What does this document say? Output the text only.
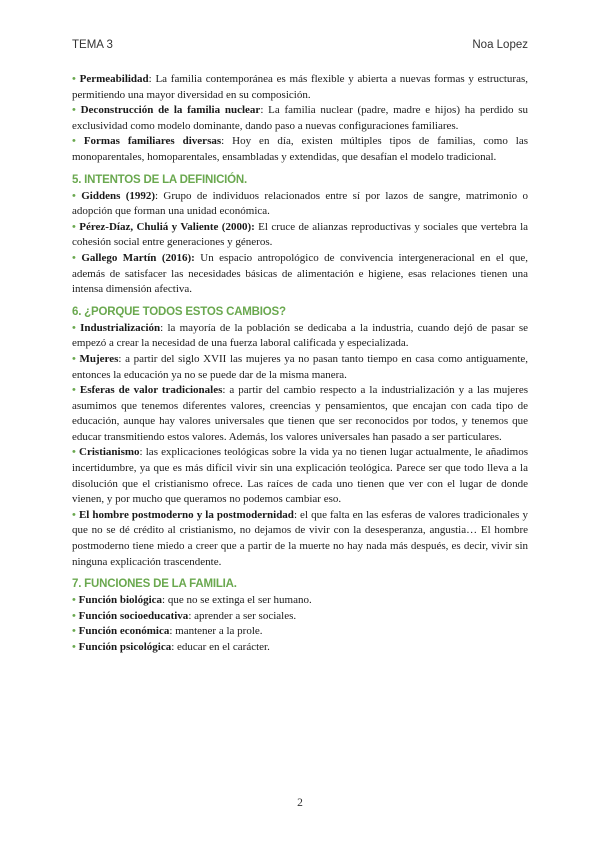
TEMA 3	Noa Lopez

• Permeabilidad: La familia contemporánea es más flexible y abierta a nuevas formas y estructuras, permitiendo una mayor diversidad en su composición.

• Deconstrucción de la familia nuclear: La familia nuclear (padre, madre e hijos) ha perdido su exclusividad como modelo dominante, dando paso a nuevas configuraciones familiares.

• Formas familiares diversas: Hoy en día, existen múltiples tipos de familias, como las monoparentales, homoparentales, ensambladas y extendidas, que desafían el modelo tradicional.

5. INTENTOS DE LA DEFINICIÓN.

• Giddens (1992): Grupo de individuos relacionados entre sí por lazos de sangre, matrimonio o adopción que forman una unidad económica.

• Pérez-Díaz, Chuliá y Valiente (2000): El cruce de alianzas reproductivas y sociales que vertebra la cohesión social entre generaciones y géneros.

• Gallego Martín (2016): Un espacio antropológico de convivencia intergeneracional en el que, además de satisfacer las necesidades básicas de alimentación e higiene, esas relaciones tienen una intensa dimensión afectiva.

6. ¿PORQUE TODOS ESTOS CAMBIOS?

• Industrialización: la mayoría de la población se dedicaba a la industria, cuando dejó de pasar se empezó a crear la necesidad de una fuerza laboral calificada y especializada.

• Mujeres: a partir del siglo XVII las mujeres ya no pasan tanto tiempo en casa como antiguamente, entonces la educación ya no se puede dar de la misma manera.

• Esferas de valor tradicionales: a partir del cambio respecto a la industrialización y a las mujeres asumimos que tenemos diferentes valores, creencias y pensamientos, que encajan con cada tipo de educación, aunque hay valores universales que tienen que ser reconocidos por todos, y tenemos que educar transmitiendo estos valores. Además, los valores universales han pasado a ser particulares.

• Cristianismo: las explicaciones teológicas sobre la vida ya no tienen lugar actualmente, le añadimos incertidumbre, ya que es más difícil vivir sin una explicación teológica. Parece ser que todo lleva a la disolución que el cristianismo ofrece. Las raíces de cada uno tienen que ver con el lugar de donde vienen, y por mucho que queramos no podemos cambiar eso.

• El hombre postmoderno y la postmodernidad: el que falta en las esferas de valores tradicionales y que no se dé crédito al cristianismo, no dejamos de vivir con la desesperanza, angustia… El hombre postmoderno tiene miedo a creer que a partir de la muerte no hay nada más después, es decir, vivir sin ninguna explicación trascendente.

7. FUNCIONES DE LA FAMILIA.

• Función biológica: que no se extinga el ser humano.

• Función socioeducativa: aprender a ser sociales.

• Función económica: mantener a la prole.

• Función psicológica: educar en el carácter.

2
